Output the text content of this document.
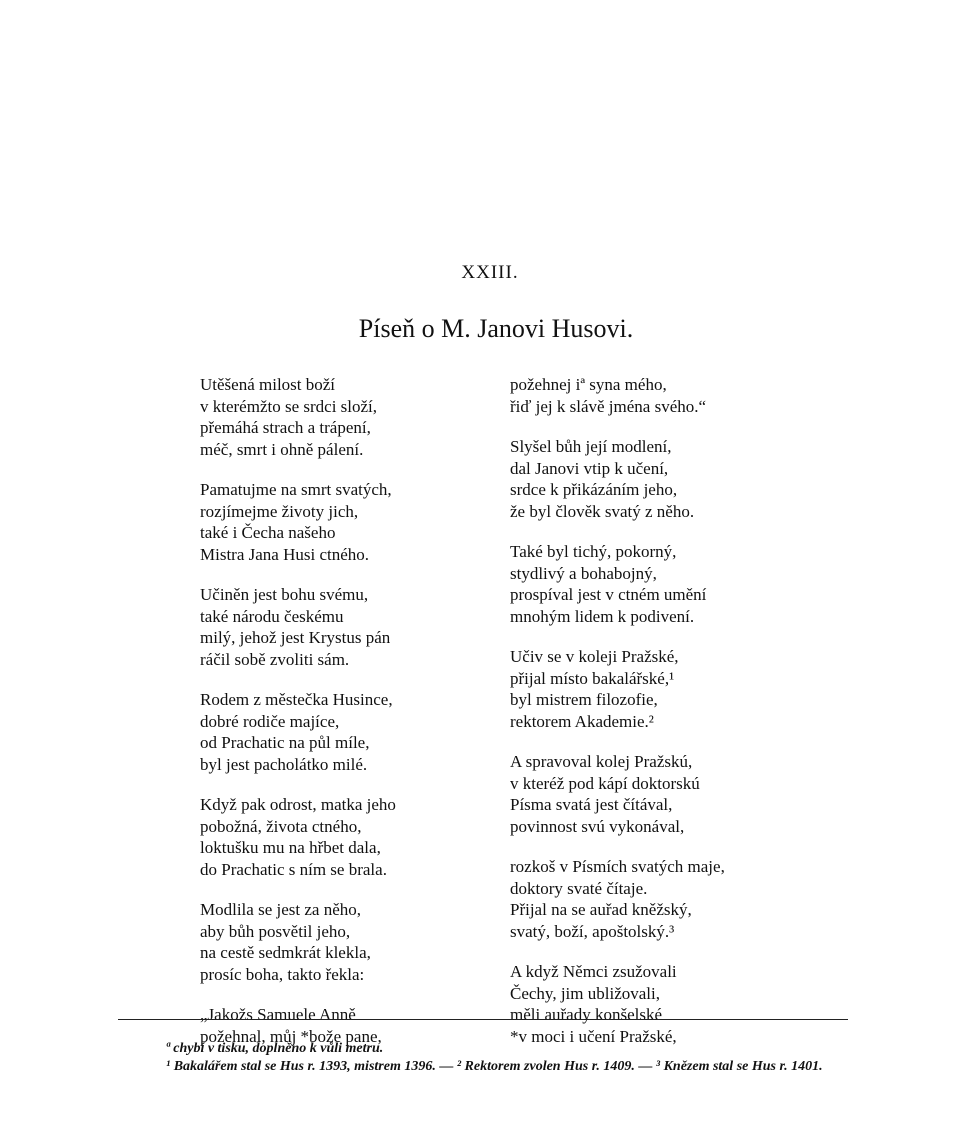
XXIII.
Píseň o M. Janovi Husovi.
Utěšená milost boží
v kterémžto se srdci složí,
přemáhá strach a trápení,
méč, smrt i ohně pálení.
Pamatujme na smrt svatých,
rozjímejme životy jich,
také i Čecha našeho
Mistra Jana Husi ctného.
Učiněn jest bohu svému,
také národu českému
milý, jehož jest Krystus pán
ráčil sobě zvoliti sám.
Rodem z městečka Husince,
dobré rodiče majíce,
od Prachatic na půl míle,
byl jest pacholátko milé.
Když pak odrost, matka jeho
pobožná, života ctného,
loktušku mu na hřbet dala,
do Prachatic s ním se brala.
Modlila se jest za něho,
aby bůh posvětil jeho,
na cestě sedmkrát klekla,
prosíc boha, takto řekla:
„Jakožs Samuele Anně
požehnal, můj *bože pane,
požehnej iª syna mého,
řiď jej k slávě jména svého.“
Slyšel bůh její modlení,
dal Janovi vtip k učení,
srdce k přikázáním jeho,
že byl člověk svatý z něho.
Také byl tichý, pokorný,
stydlivý a bohabojný,
prospíval jest v ctném umění
mnohým lidem k podivení.
Učiv se v koleji Pražské,
přijal místo bakalářské,¹
byl mistrem filozofie,
rektorem Akademie.²
A spravoval kolej Pražskú,
v kteréž pod kápí doktorskú
Písma svatá jest čítával,
povinnost svú vykonával,
rozkoš v Písmích svatých maje,
doktory svaté čítaje.
Přijal na se auřad kněžský,
svatý, boží, apoštolský.³
A když Němci zsužovali
Čechy, jim ubližovali,
měli auřady konšelské
*v moci i učení Pražské,
ª chybí v tisku, doplněno k vůli metru.
¹ Bakalářem stal se Hus r. 1393, mistrem 1396. — ² Rektorem zvolen Hus r. 1409. — ³ Knězem stal se Hus r. 1401.
